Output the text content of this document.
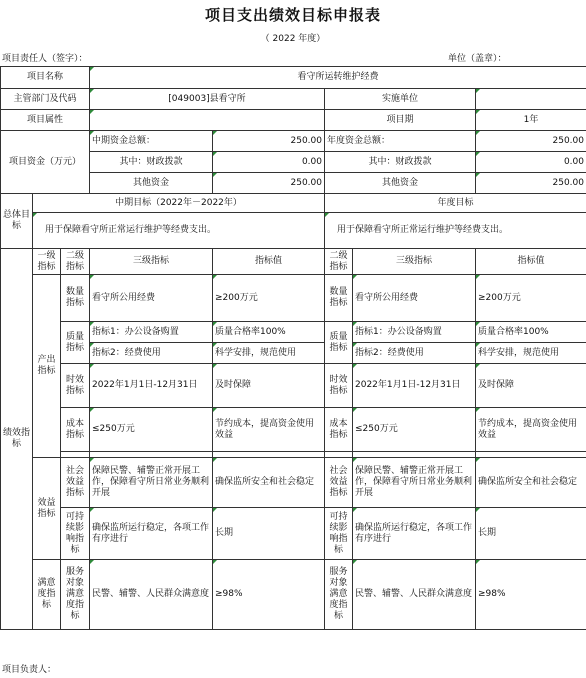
项目支出绩效目标申报表
（ 2022 年度）
项目责任人（签字）：	单位（盖章）：
项目名称			看守所运转维护经费				
主管部门及代码			[049003]县看守所		实施单位		
项目属性					项目期		1年
项目资金（万元）			中期资金总额：	250.00	年度资金总额：		250.00
			其中：财政拨款	0.00	其中：财政拨款		0.00
			其他资金	250.00	其他资金		250.00
总体目标	中期目标（2022年－2022年）				年度目标		
	用于保障看守所正常运行维护等经费支出。				用于保障看守所正常运行维护等经费支出。		
绩效指标	一级指标	二级指标	三级指标	指标值	二级指标	三级指标	指标值
	产出指标	数量指标	看守所公用经费	≥200万元	数量指标	看守所公用经费	≥200万元
		质量指标	指标1：办公设备购置	质量合格率100%	质量指标	指标1：办公设备购置	质量合格率100%
			指标2：经费使用	科学安排，规范使用		指标2：经费使用	科学安排，规范使用
		时效指标	2022年1月1日-12月31日	及时保障	时效指标	2022年1月1日-12月31日	及时保障
		成本指标	≤250万元	节约成本，提高资金使用效益	成本指标	≤250万元	节约成本，提高资金使用效益

	效益指标	社会效益指标	保障民警、辅警正常开展工作，保障看守所日常业务顺利开展	确保监所安全和社会稳定	社会效益指标	保障民警、辅警正常开展工作，保障看守所日常业务顺利开展	确保监所安全和社会稳定
		可持续影响指标	确保监所运行稳定，各项工作有序进行	长期	可持续影响指标	确保监所运行稳定，各项工作有序进行	长期
	满意度指标	服务对象满意度指标	民警、辅警、人民群众满意度	≥98%	服务对象满意度指标	民警、辅警、人民群众满意度	≥98%
项目负责人：
